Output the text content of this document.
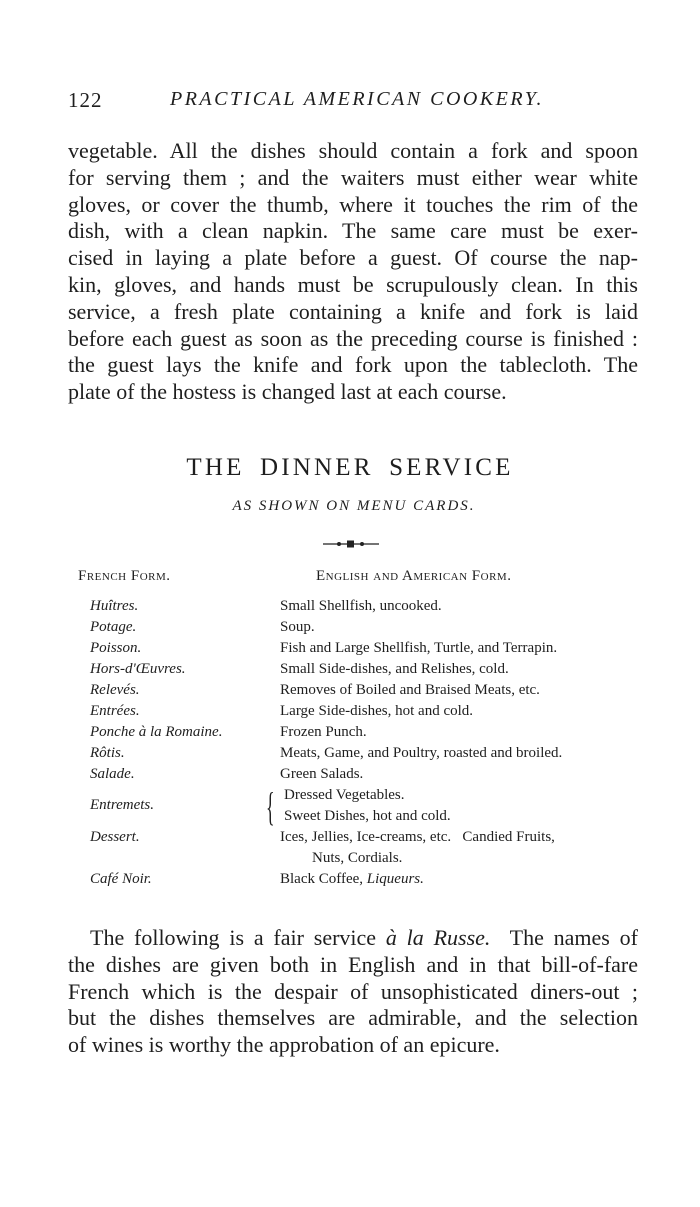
122	PRACTICAL AMERICAN COOKERY.
vegetable. All the dishes should contain a fork and spoon
for serving them ; and the waiters must either wear white
gloves, or cover the thumb, where it touches the rim of the
dish, with a clean napkin. The same care must be exer-
cised in laying a plate before a guest. Of course the nap-
kin, gloves, and hands must be scrupulously clean. In this
service, a fresh plate containing a knife and fork is laid
before each guest as soon as the preceding course is finished :
the guest lays the knife and fork upon the tablecloth. The
plate of the hostess is changed last at each course.
THE DINNER SERVICE
AS SHOWN ON MENU CARDS.
French Form.	English and American Form.
Huîtres.	Small Shellfish, uncooked.
Potage.	Soup.
Poisson.	Fish and Large Shellfish, Turtle, and Terrapin.
Hors-d'Œuvres.	Small Side-dishes, and Relishes, cold.
Relevés.	Removes of Boiled and Braised Meats, etc.
Entrées.	Large Side-dishes, hot and cold.
Ponche à la Romaine.	Frozen Punch.
Rôtis.	Meats, Game, and Poultry, roasted and broiled.
Salade.	Green Salads.
Entremets.	{ Dressed Vegetables.
Sweet Dishes, hot and cold.
Dessert.	Ices, Jellies, Ice-creams, etc.   Candied Fruits,
Nuts, Cordials.
Café Noir.	Black Coffee, Liqueurs.
The following is a fair service à la Russe.  The names of
the dishes are given both in English and in that bill-of-fare
French which is the despair of unsophisticated diners-out ;
but the dishes themselves are admirable, and the selection
of wines is worthy the approbation of an epicure.
